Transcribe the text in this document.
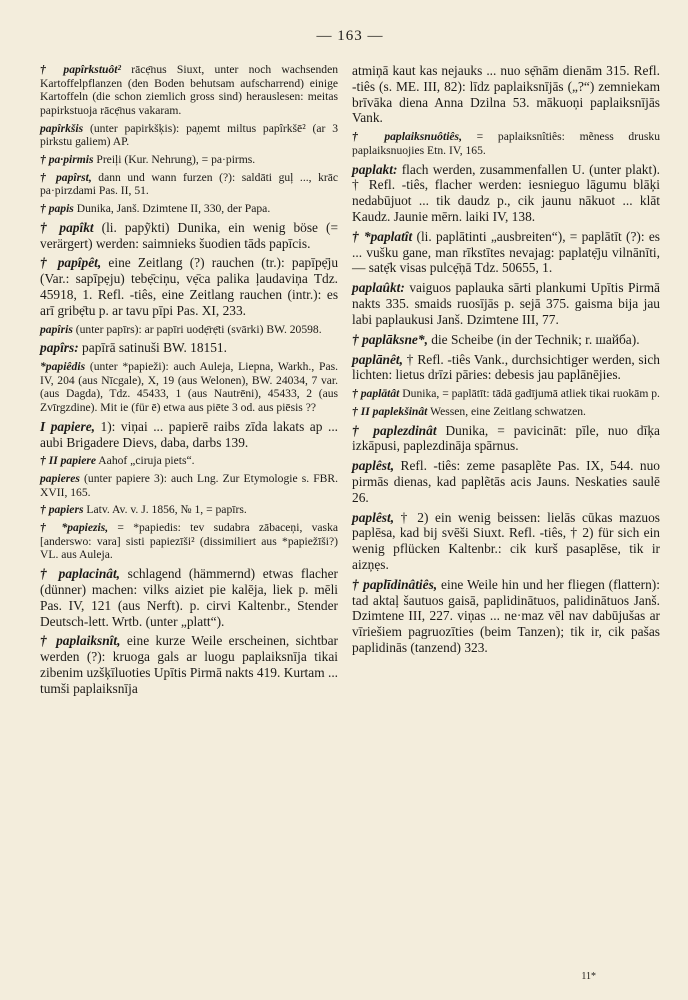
— 163 —

† papîrkstuôt² rācẹ̄nus Siuxt, unter noch wachsenden Kartoffelpflanzen (den Boden behutsam aufscharrend) einige Kartoffeln (die schon ziemlich gross sind) herauslesen: meitas papirkstuoja rācẹ̄nus vakaram.

papîrkšis (unter papirkšķis): pa̦ņemt miltus papîrkšē² (ar 3 pirkstu galiem) AP.

† pa·pirmis Preiļi (Kur. Nehrung), = pa·pirms.

† papîrst, dann und wann furzen (?): saldāti guļ ..., krāc pa·pirzdami Pas. II, 51.

† papis Dunika, Janš. Dzimtene II, 330, der Papa.

† papîkt (li. papỹkti) Dunika, ein wenig böse (= verärgert) werden: saimnieks šuodien tāds papīcis.

† papîpêt, eine Zeitlang (?) rauchen (tr.): papīpẹ̄ju (Var.: sapīpẹju) tebẹ̄ciņu, vẹ̄ca palika ļaudaviņa Tdz. 45918, 1. Refl. -tiês, eine Zeitlang rauchen (intr.): es arī gribẹ̄tu p. ar tavu pīpi Pas. XI, 233.

papîris (unter papīrs): ar papīri uodẹ̄rẹ̄ti (svārki) BW. 20598.

papîrs: papīrā satinuši BW. 18151.

*papiêdis (unter *papieži): auch Auleja, Liepna, Warkh., Pas. IV, 204 (aus Nīcgale), X, 19 (aus Welonen), BW. 24034, 7 var. (aus Dagda), Tdz. 45433, 1 (aus Nautrēni), 45433, 2 (aus Zvīrgzdine). Mit ie (für ē) etwa aus piēte 3 od. aus piēsis ??

I papiere, 1): viņai ... papierē raibs zīda lakats ap ... aubi Brigadere Dievs, daba, darbs 139.

† II papiere Aahof „ciruja piets“.

papieres (unter papiere 3): auch Lng. Zur Etymologie s. FBR. XVII, 165.

† papiers Latv. Av. v. J. 1856, № 1, = papīrs.

† *papiezis, = *papiedis: tev sudabra zābaceņi, vaska [anderswo: vara] sisti papiezīši² (dissimiliert aus *papiežīši?) VL. aus Auleja.

† paplacinât, schlagend (hämmernd) etwas flacher (dünner) machen: vilks aiziet pie kalēja, liek p. mēli Pas. IV, 121 (aus Nerft). p. cirvi Kaltenbr., Stender Deutsch-lett. Wrtb. (unter „platt“).

† paplaiksnît, eine kurze Weile erscheinen, sichtbar werden (?): kruoga gals ar luogu paplaiksnīja tikai zibenim uzšķīluoties Upītis Pirmā nakts 419. Kurtam ... tumši paplaiksnīja

atmiņā kaut kas nejauks ... nuo sẹ̄nām dienām 315. Refl. -tiês (s. ME. III, 82): līdz paplaiksnījās („?“) zemniekam brīvāka diena Anna Dzilna 53. mākuoņi paplaiksnījās Vank.

† paplaiksnuôtiês, = paplaiksnîtiês: mẽness drusku paplaiksnuojies Etn. IV, 165.

paplakt: flach werden, zusammenfallen U. (unter plakt). † Refl. -tiês, flacher werden: iesnieguo lāgumu blāķi nedabūjuot ... tik daudz p., cik jaunu nākuot ... klāt Kaudz. Jaunie mērn. laiki IV, 138.

† *paplatît (li. paplātinti „ausbreiten“), = paplātīt (?): es ... vušku gane, man rīkstītes nevajag: paplatẹ̄ju vilnānīti, — satẹ̄k visas pulcẹ̄ņā Tdz. 50655, 1.

paplaûkt: vaiguos paplauka sārti plankumi Upītis Pirmā nakts 335. smaids ruosījās p. sejā 375. gaisma bija jau labi paplaukusi Janš. Dzimtene III, 77.

† paplāksne*, die Scheibe (in der Technik; r. шайба).

paplānêt, † Refl. -tiês Vank., durchsichtiger werden, sich lichten: lietus drīzi pāries: debesis jau paplānējies.

† paplātât Dunika, = paplātīt: tādā gadījumā atliek tikai ruokām p.

† II paplekšinât Wessen, eine Zeitlang schwatzen.

† paplezdinât Dunika, = pavicināt: pīle, nuo dīķa izkāpusi, paplezdināja spārnus.

paplêst, Refl. -tiês: zeme pasaplẽte Pas. IX, 544. nuo pirmās dienas, kad paplẽtās acis Jauns. Neskaties saulē 26.

paplêst, † 2) ein wenig beissen: lielās cūkas mazuos paplēsa, kad bij svēši Siuxt. Refl. -tiês, † 2) für sich ein wenig pflücken Kaltenbr.: cik kurš pasaplēse, tik ir aizņẹs.

† paplīdinâtiês, eine Weile hin und her fliegen (flattern): tad aktaļ šautuos gaisā, paplidinātuos, palidinātuos Janš. Dzimtene III, 227. viņas ... ne·maz vēl nav dabūjušas ar vīriešiem pagruozīties (beim Tanzen); tik ir, cik pašas paplidinās (tanzend) 323.

11*
